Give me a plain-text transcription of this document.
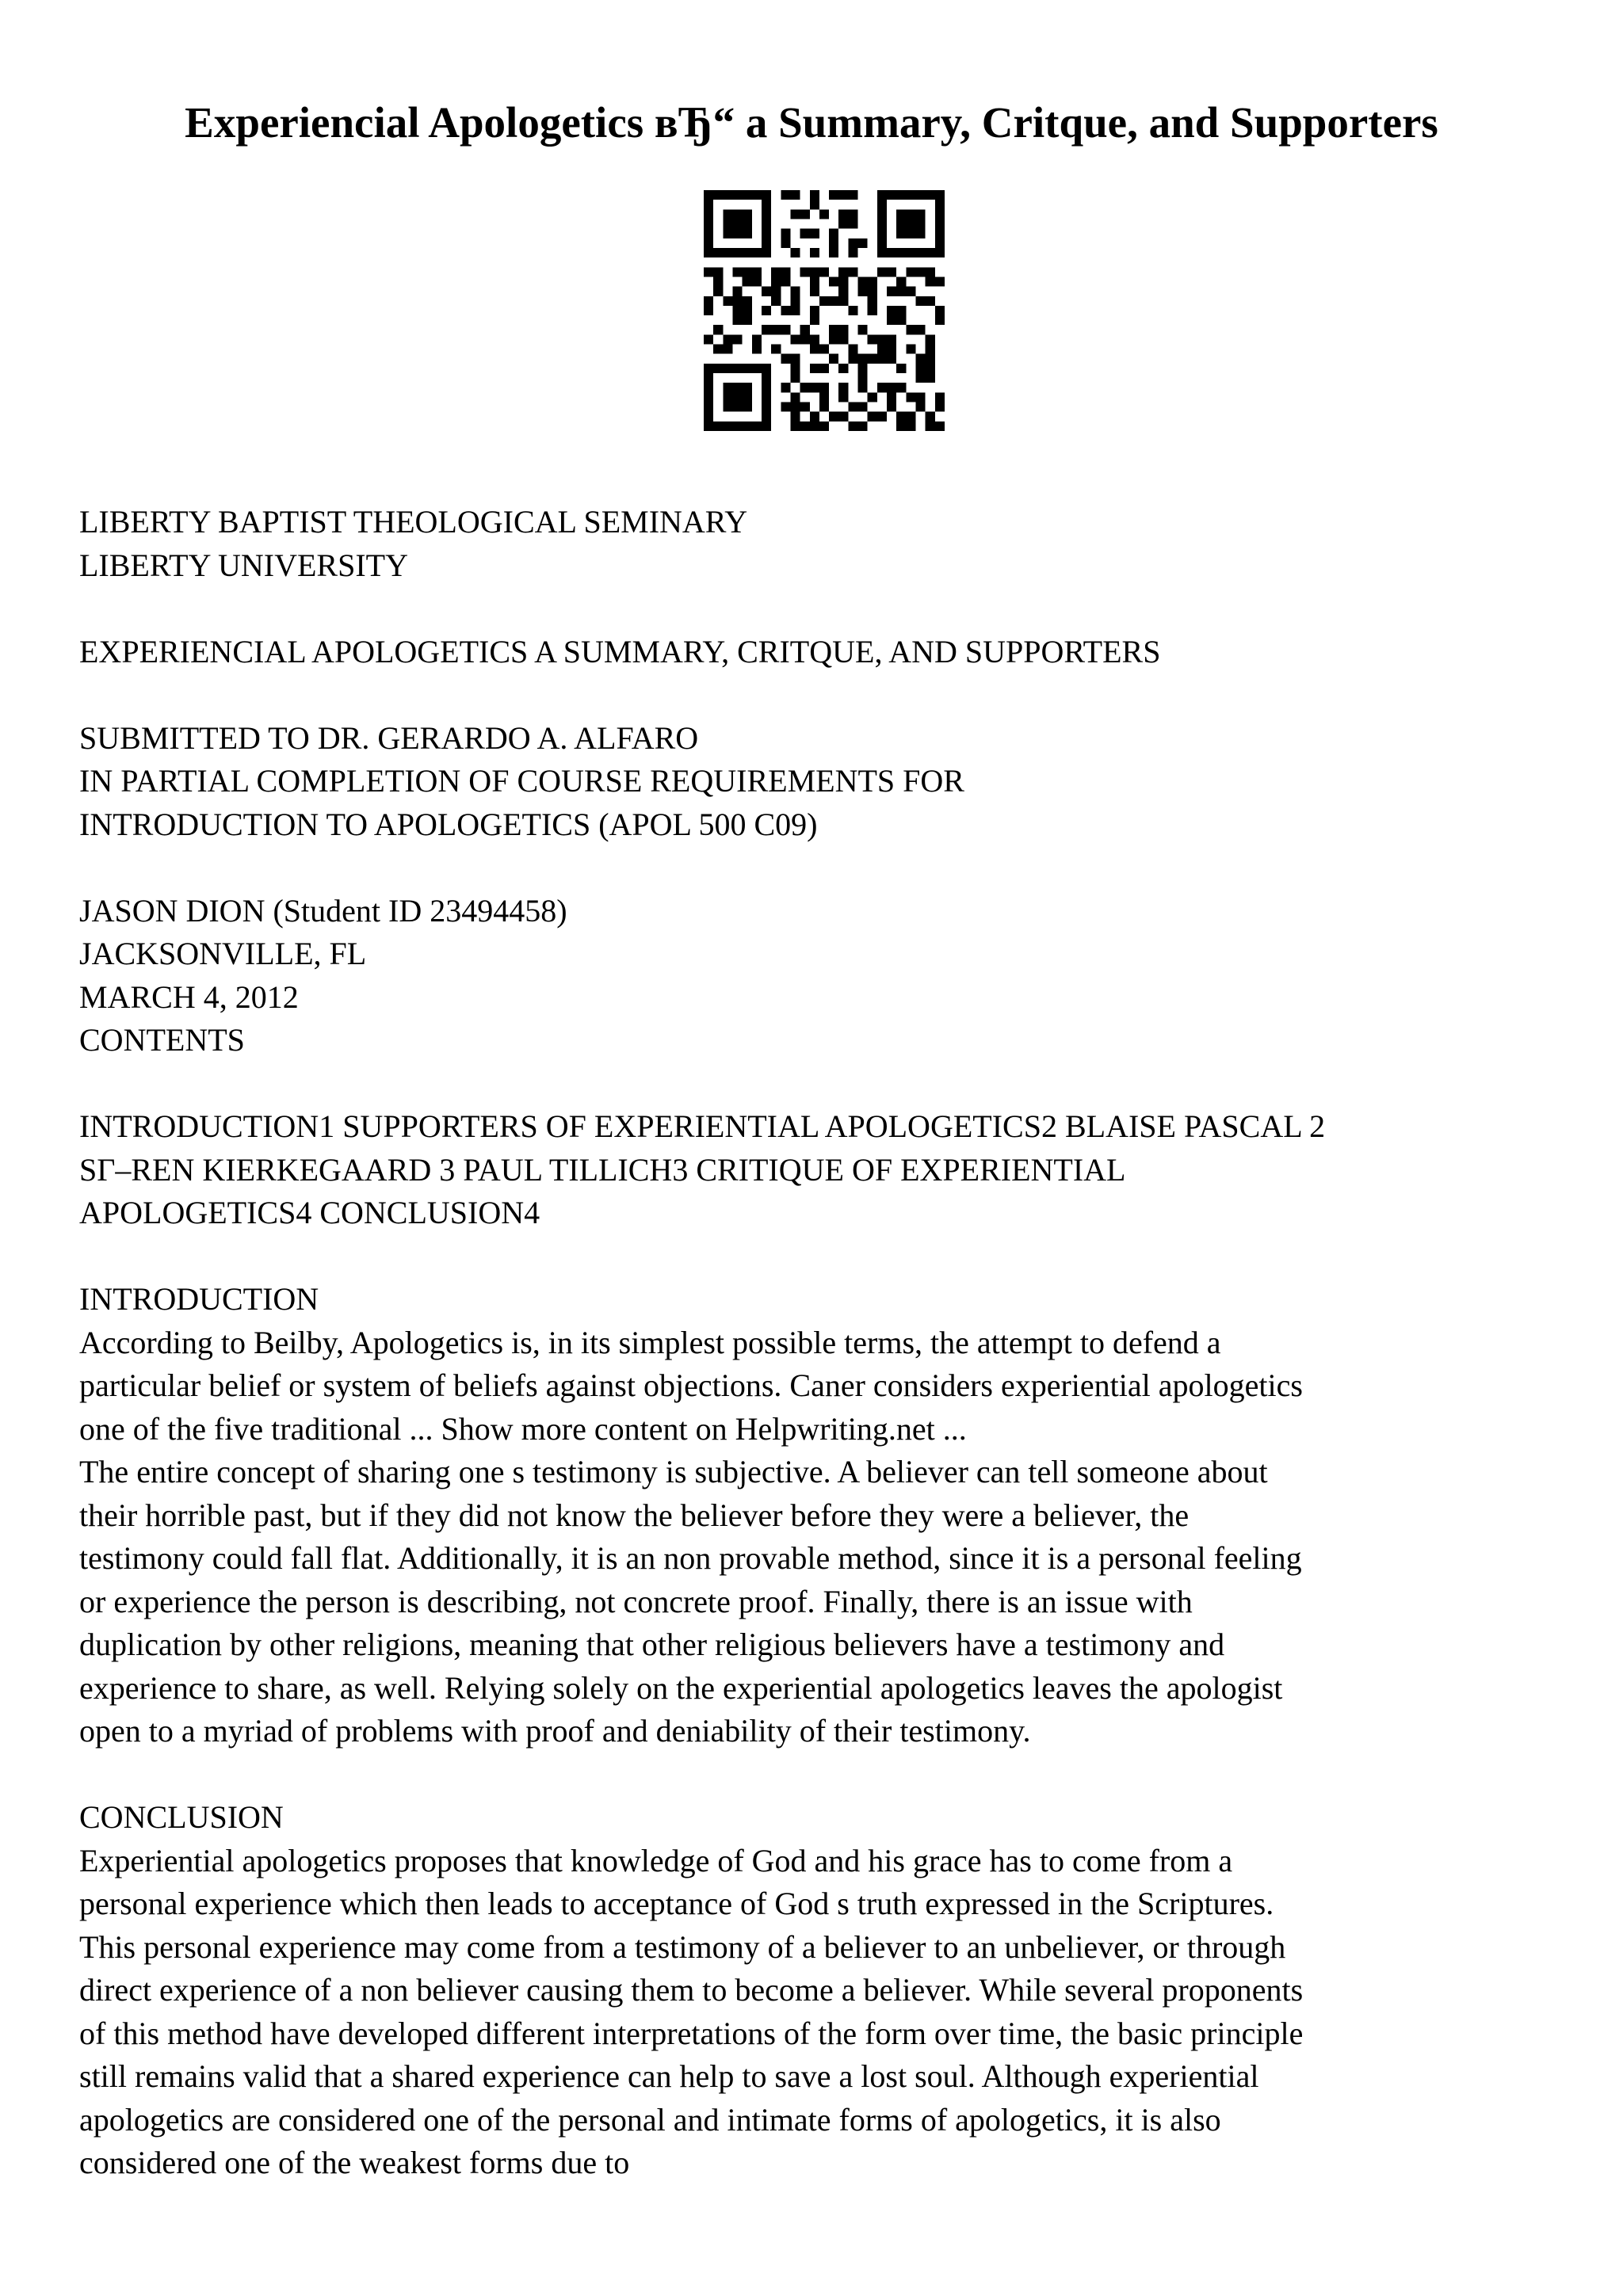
Experiencial Apologetics вЂ“ a Summary, Critque, and Supporters
LIBERTY BAPTIST THEOLOGICAL SEMINARY
LIBERTY UNIVERSITY
EXPERIENCIAL APOLOGETICS A SUMMARY, CRITQUE, AND SUPPORTERS
SUBMITTED TO DR. GERARDO A. ALFARO
IN PARTIAL COMPLETION OF COURSE REQUIREMENTS FOR
INTRODUCTION TO APOLOGETICS (APOL 500 C09)
JASON DION (Student ID 23494458)
JACKSONVILLE, FL
MARCH 4, 2012
CONTENTS
INTRODUCTION1 SUPPORTERS OF EXPERIENTIAL APOLOGETICS2 BLAISE PASCAL 2
SГ–REN KIERKEGAARD 3 PAUL TILLICH3 CRITIQUE OF EXPERIENTIAL
APOLOGETICS4 CONCLUSION4
INTRODUCTION
According to Beilby, Apologetics is, in its simplest possible terms, the attempt to defend a
particular belief or system of beliefs against objections. Caner considers experiential apologetics
one of the five traditional ... Show more content on Helpwriting.net ...
The entire concept of sharing one s testimony is subjective. A believer can tell someone about
their horrible past, but if they did not know the believer before they were a believer, the
testimony could fall flat. Additionally, it is an non provable method, since it is a personal feeling
or experience the person is describing, not concrete proof. Finally, there is an issue with
duplication by other religions, meaning that other religious believers have a testimony and
experience to share, as well. Relying solely on the experiential apologetics leaves the apologist
open to a myriad of problems with proof and deniability of their testimony.
CONCLUSION
Experiential apologetics proposes that knowledge of God and his grace has to come from a
personal experience which then leads to acceptance of God s truth expressed in the Scriptures.
This personal experience may come from a testimony of a believer to an unbeliever, or through
direct experience of a non believer causing them to become a believer. While several proponents
of this method have developed different interpretations of the form over time, the basic principle
still remains valid that a shared experience can help to save a lost soul. Although experiential
apologetics are considered one of the personal and intimate forms of apologetics, it is also
considered one of the weakest forms due to
